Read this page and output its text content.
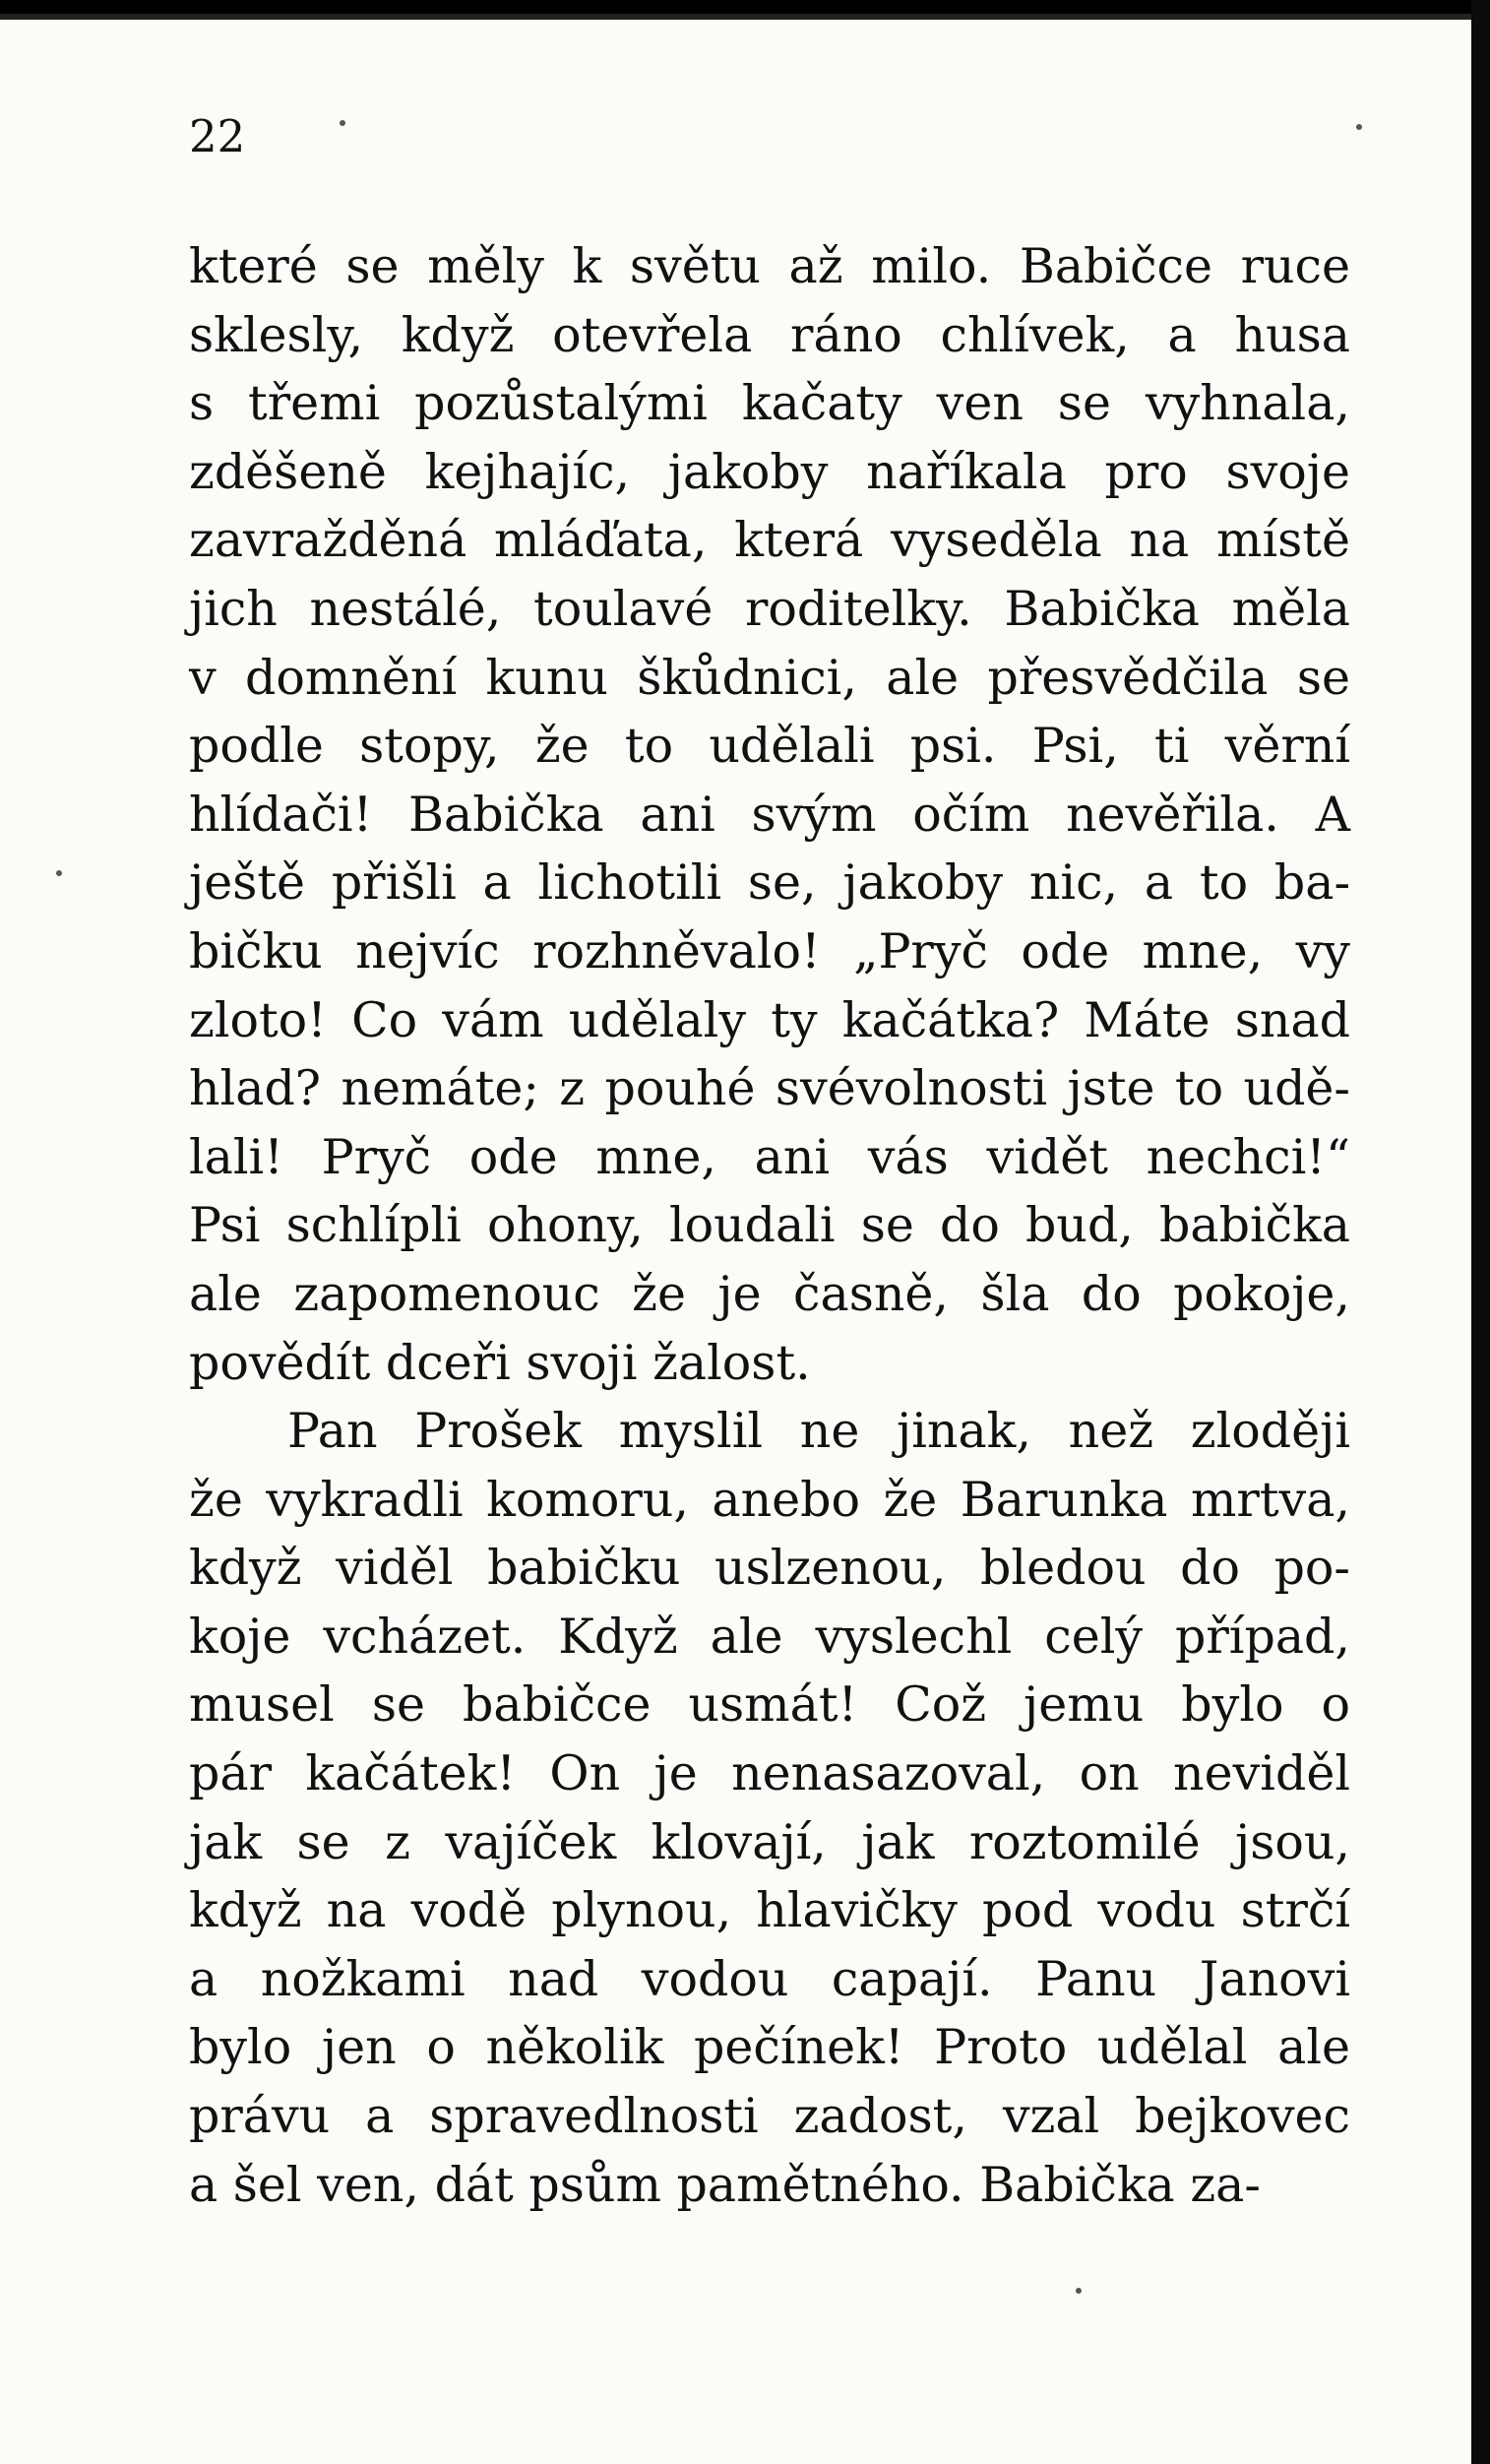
22
které se měly k světu až milo. Babičce ruce
sklesly, když otevřela ráno chlívek, a husa
s třemi pozůstalými kačaty ven se vyhnala,
zděšeně kejhajíc, jakoby naříkala pro svoje
zavražděná mláďata, která vyseděla na místě
jich nestálé, toulavé roditelky. Babička měla
v domnění kunu škůdnici, ale přesvědčila se
podle stopy, že to udělali psi. Psi, ti věrní
hlídači! Babička ani svým očím nevěřila. A
ještě přišli a lichotili se, jakoby nic, a to ba-
bičku nejvíc rozhněvalo! „Pryč ode mne, vy
zloto! Co vám udělaly ty kačátka? Máte snad
hlad? nemáte; z pouhé svévolnosti jste to udě-
lali! Pryč ode mne, ani vás vidět nechci!“
Psi schlípli ohony, loudali se do bud, babička
ale zapomenouc že je časně, šla do pokoje,
povědít dceři svoji žalost.
Pan Prošek myslil ne jinak, než zloději
že vykradli komoru, anebo že Barunka mrtva,
když viděl babičku uslzenou, bledou do po-
koje vcházet. Když ale vyslechl celý případ,
musel se babičce usmát! Což jemu bylo o
pár kačátek! On je nenasazoval, on neviděl
jak se z vajíček klovají, jak roztomilé jsou,
když na vodě plynou, hlavičky pod vodu strčí
a nožkami nad vodou capají. Panu Janovi
bylo jen o několik pečínek! Proto udělal ale
právu a spravedlnosti zadost, vzal bejkovec
a šel ven, dát psům pamětného. Babička za-
